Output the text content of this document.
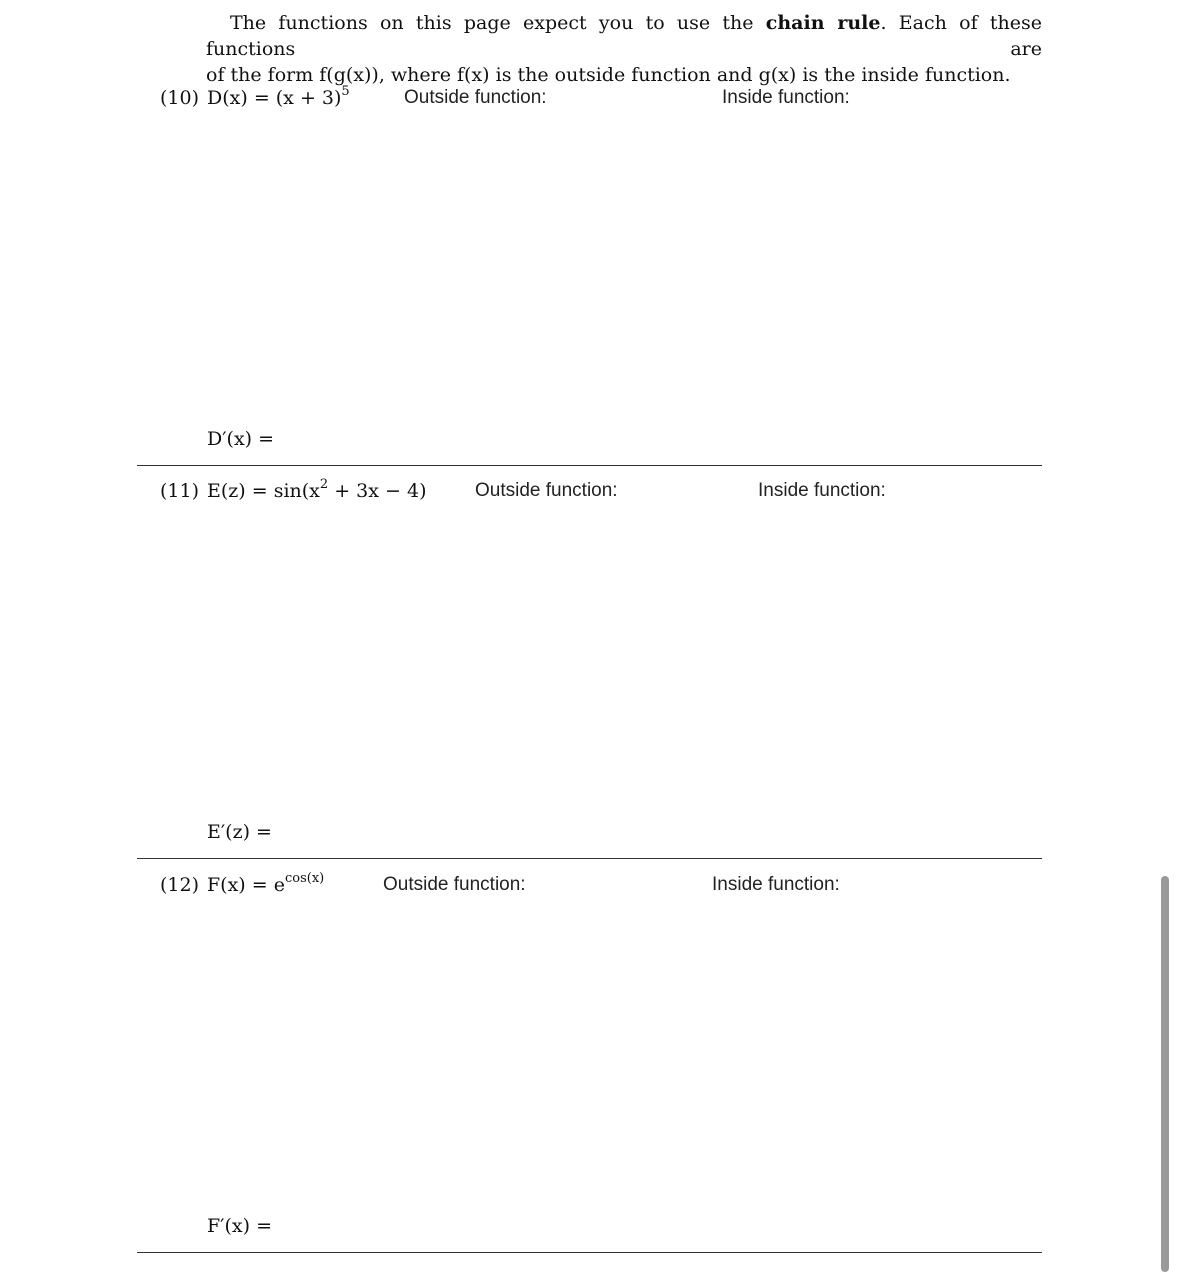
The functions on this page expect you to use the chain rule. Each of these functions are
of the form f(g(x)), where f(x) is the outside function and g(x) is the inside function.
(10) $D(x) = (x + 3)^5$	Outside function:	Inside function:
D′(x) =
(11) $E(z) = \sin(x^2 + 3x - 4)$	Outside function:	Inside function:
E′(z) =
(12) $F(x) = e^{cos(x)}$	Outside function:	Inside function:
F′(x) =
